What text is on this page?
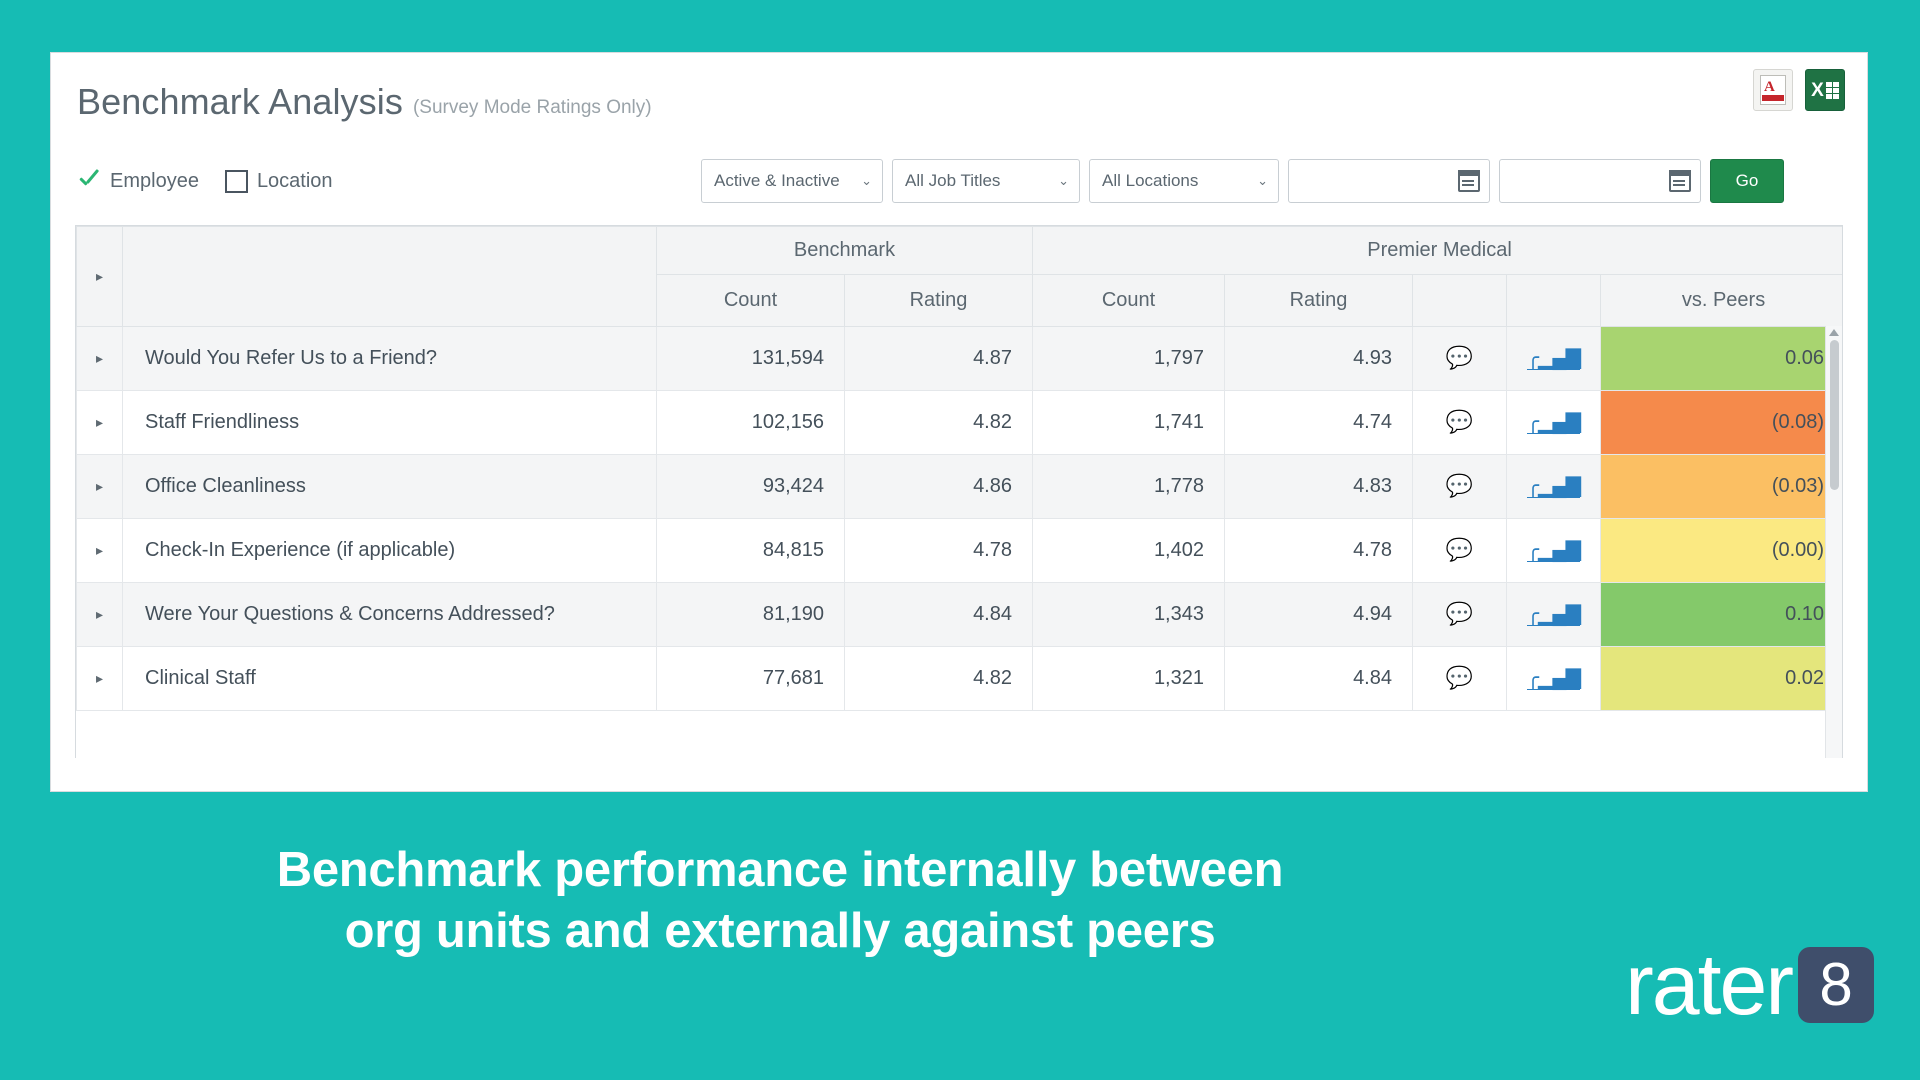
Benchmark Analysis (Survey Mode Ratings Only)
A X
Employee	Location	Active & Inactive	⌄ All Job Titles	⌄ All Locations	⌄	Go
▸		Benchmark		Premier Medical				
		Count	Rating	Count	Rating			vs. Peers
▸	Would You Refer Us to a Friend?	131,594	4.87	1,797	4.93	💬	╭▁▄▇	0.06
▸	Staff Friendliness	102,156	4.82	1,741	4.74	💬	╭▁▄▇	(0.08)
▸	Office Cleanliness	93,424	4.86	1,778	4.83	💬	╭▁▄▇	(0.03)
▸	Check-In Experience (if applicable)	84,815	4.78	1,402	4.78	💬	╭▁▄▇	(0.00)
▸	Were Your Questions & Concerns Addressed?	81,190	4.84	1,343	4.94	💬	╭▁▄▇	0.10
▸	Clinical Staff	77,681	4.82	1,321	4.84	💬	╭▁▄▇	0.02
Benchmark performance internally between
org units and externally against peers
rater 8
